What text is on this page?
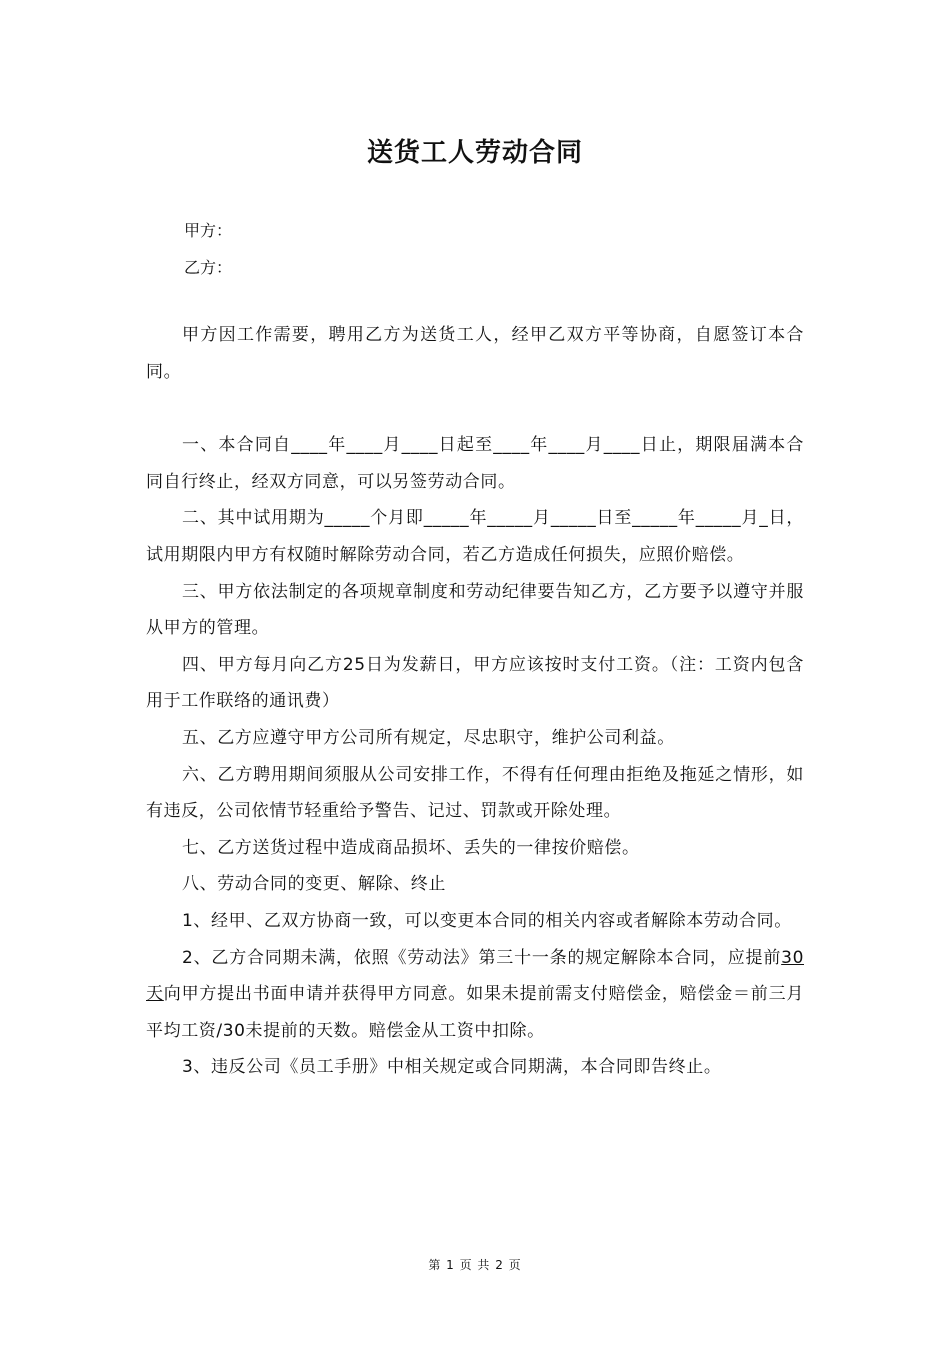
送货工人劳动合同
甲方：
乙方：

甲方因工作需要，聘用乙方为送货工人，经甲乙双方平等协商，自愿签订本合同。

一、本合同自____年____月____日起至____年____月____日止，期限届满本合同自行终止，经双方同意，可以另签劳动合同。

二、其中试用期为_____个月即_____年_____月_____日至_____年_____月_日，试用期限内甲方有权随时解除劳动合同，若乙方造成任何损失，应照价赔偿。

三、甲方依法制定的各项规章制度和劳动纪律要告知乙方，乙方要予以遵守并服从甲方的管理。

四、甲方每月向乙方25日为发薪日，甲方应该按时支付工资。（注：工资内包含用于工作联络的通讯费）

五、乙方应遵守甲方公司所有规定，尽忠职守，维护公司利益。

六、乙方聘用期间须服从公司安排工作，不得有任何理由拒绝及拖延之情形，如有违反，公司依情节轻重给予警告、记过、罚款或开除处理。

七、乙方送货过程中造成商品损坏、丢失的一律按价赔偿。

八、劳动合同的变更、解除、终止

1、经甲、乙双方协商一致，可以变更本合同的相关内容或者解除本劳动合同。

2、乙方合同期未满，依照《劳动法》第三十一条的规定解除本合同，应提前30天向甲方提出书面申请并获得甲方同意。如果未提前需支付赔偿金，赔偿金＝前三月平均工资/30未提前的天数。赔偿金从工资中扣除。

3、违反公司《员工手册》中相关规定或合同期满，本合同即告终止。

第 1 页 共 2 页
